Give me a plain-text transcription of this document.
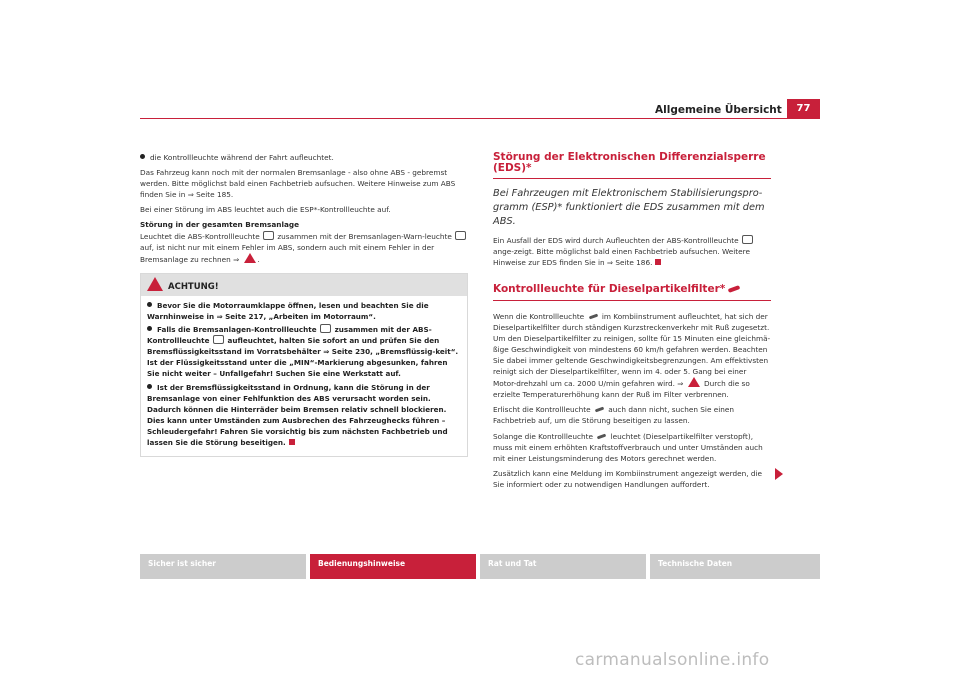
Allgemeine Übersicht	77

die Kontrollleuchte während der Fahrt aufleuchtet.

Das Fahrzeug kann noch mit der normalen Bremsanlage - also ohne ABS - gebremst werden. Bitte möglichst bald einen Fachbetrieb aufsuchen. Weitere Hinweise zum ABS finden Sie in ⇒ Seite 185.

Bei einer Störung im ABS leuchtet auch die ESP*-Kontrollleuchte auf.

Störung in der gesamten Bremsanlage

Leuchtet die ABS-Kontrollleuchte zusammen mit der Bremsanlagen-Warn-leuchte  auf, ist nicht nur mit einem Fehler im ABS, sondern auch mit einem Fehler in der Bremsanlage zu rechnen ⇒	.

ACHTUNG!

Bevor Sie die Motorraumklappe öffnen, lesen und beachten Sie die Warnhinweise in ⇒ Seite 217, „Arbeiten im Motorraum“.

Falls die Bremsanlagen-Kontrollleuchte	zusammen mit der ABS-Kontrollleuchte	aufleuchtet, halten Sie sofort an und prüfen Sie den Bremsflüssigkeitsstand im Vorratsbehälter ⇒ Seite 230, „Bremsflüssig-keit“. Ist der Flüssigkeitsstand unter die „MIN“-Markierung abgesunken, fahren Sie nicht weiter – Unfallgefahr! Suchen Sie eine Werkstatt auf.

Ist der Bremsflüssigkeitsstand in Ordnung, kann die Störung in der Bremsanlage von einer Fehlfunktion des ABS verursacht worden sein. Dadurch können die Hinterräder beim Bremsen relativ schnell blockieren. Dies kann unter Umständen zum Ausbrechen des Fahrzeughecks führen – Schleudergefahr! Fahren Sie vorsichtig bis zum nächsten Fachbetrieb und lassen Sie die Störung beseitigen.

Störung der Elektronischen Differenzialsperre (EDS)*
Bei Fahrzeugen mit Elektronischem Stabilisierungspro-gramm (ESP)* funktioniert die EDS zusammen mit dem ABS.

Ein Ausfall der EDS wird durch Aufleuchten der ABS-Kontrollleuchte  ange-zeigt. Bitte möglichst bald einen Fachbetrieb aufsuchen. Weitere Hinweise zur EDS finden Sie in ⇒ Seite 186.

Kontrollleuchte für Dieselpartikelfilter*

Wenn die Kontrollleuchte im Kombiinstrument aufleuchtet, hat sich der Dieselpartikelfilter durch ständigen Kurzstreckenverkehr mit Ruß zugesetzt. Um den Dieselpartikelfilter zu reinigen, sollte für 15 Minuten eine gleichmä-ßige Geschwindigkeit von mindestens 60 km/h gefahren werden. Beachten Sie dabei immer geltende Geschwindigkeitsbegrenzungen. Am effektivsten reinigt sich der Dieselpartikelfilter, wenn im 4. oder 5. Gang bei einer Motor-drehzahl um ca. 2000 U/min gefahren wird. ⇒	Durch die so erzielte Temperaturerhöhung kann der Ruß im Filter verbrennen.

Erlischt die Kontrollleuchte auch dann nicht, suchen Sie einen Fachbetrieb auf, um die Störung beseitigen zu lassen.

Solange die Kontrollleuchte leuchtet (Dieselpartikelfilter verstopft), muss mit einem erhöhten Kraftstoffverbrauch und unter Umständen auch mit einer Leistungsminderung des Motors gerechnet werden.

Zusätzlich kann eine Meldung im Kombiinstrument angezeigt werden, die Sie informiert oder zu notwendigen Handlungen auffordert.

Sicher ist sicher	Bedienungshinweise	Rat und Tat	Technische Daten
carmanualsonline.info
